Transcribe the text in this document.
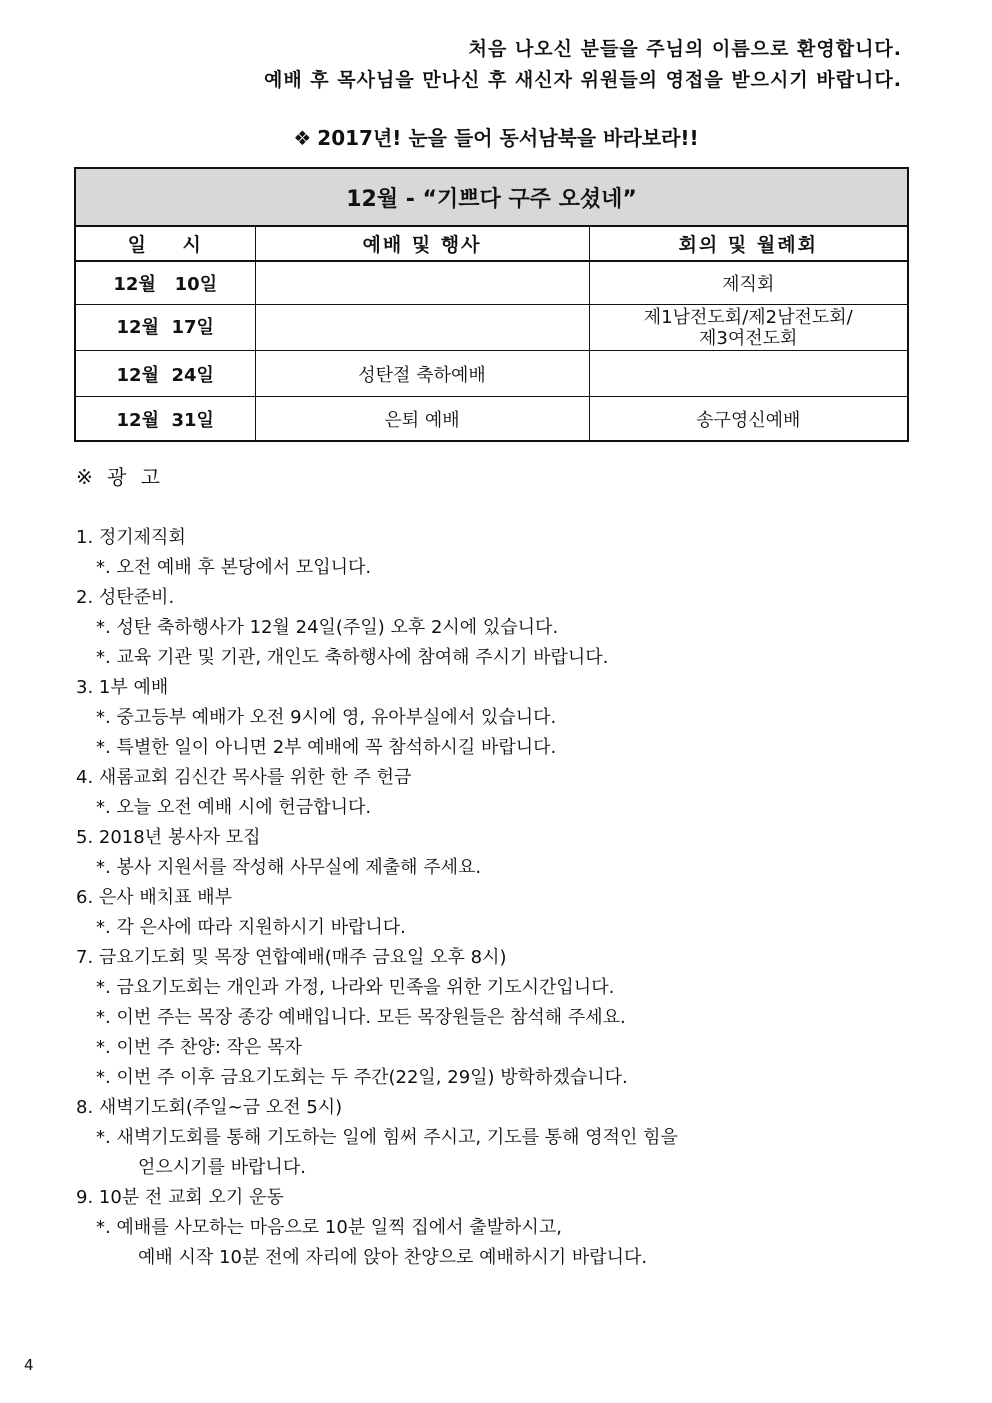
처음 나오신 분들을 주님의 이름으로 환영합니다.
예배 후 목사님을 만나신 후 새신자 위원들의 영접을 받으시기 바랍니다.
❖ 2017년! 눈을 들어 동서남북을 바라보라!!
12월 - “기쁘다 구주 오셨네”		
일    시	예배 및 행사	회의 및 월례회
12월   10일		제직회
12월  17일		제1남전도회/제2남전도회/
제3여전도회

12월  24일	성탄절 축하예배	
12월  31일	은퇴 예배	송구영신예배
※ 광 고
1. 정기제직회
*. 오전 예배 후 본당에서 모입니다.
2. 성탄준비.
*. 성탄 축하행사가 12월 24일(주일) 오후 2시에 있습니다.
*. 교육 기관 및 기관, 개인도 축하행사에 참여해 주시기 바랍니다.
3. 1부 예배
*. 중고등부 예배가 오전 9시에 영, 유아부실에서 있습니다.
*. 특별한 일이 아니면 2부 예배에 꼭 참석하시길 바랍니다.
4. 새롬교회 김신간 목사를 위한 한 주 헌금
*. 오늘 오전 예배 시에 헌금합니다.
5. 2018년 봉사자 모집
*. 봉사 지원서를 작성해 사무실에 제출해 주세요.
6. 은사 배치표 배부
*. 각 은사에 따라 지원하시기 바랍니다.
7. 금요기도회 및 목장 연합예배(매주 금요일 오후 8시)
*. 금요기도회는 개인과 가정, 나라와 민족을 위한 기도시간입니다.
*. 이번 주는 목장 종강 예배입니다. 모든 목장원들은 참석해 주세요.
*. 이번 주 찬양: 작은 목자
*. 이번 주 이후 금요기도회는 두 주간(22일, 29일) 방학하겠습니다.
8. 새벽기도회(주일~금 오전 5시)
*. 새벽기도회를 통해 기도하는 일에 힘써 주시고, 기도를 통해 영적인 힘을
얻으시기를 바랍니다.
9. 10분 전 교회 오기 운동
*. 예배를 사모하는 마음으로 10분 일찍 집에서 출발하시고,
예배 시작 10분 전에 자리에 앉아 찬양으로 예배하시기 바랍니다.
4
